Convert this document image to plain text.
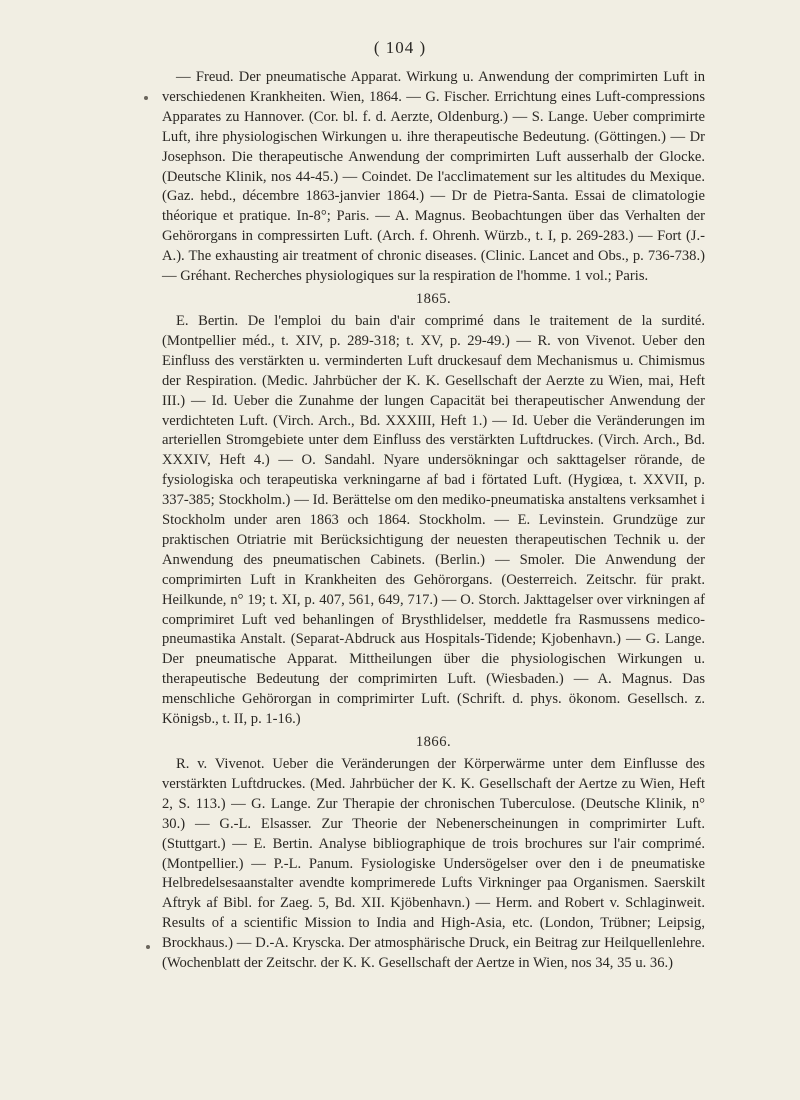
( 104 )

— Freud. Der pneumatische Apparat. Wirkung u. Anwendung der comprimirten Luft in verschiedenen Krankheiten. Wien, 1864. — G. Fischer. Errichtung eines Luft-compressions Apparates zu Hannover. (Cor. bl. f. d. Aerzte, Oldenburg.) — S. Lange. Ueber comprimirte Luft, ihre physiologischen Wirkungen u. ihre therapeutische Bedeutung. (Göttingen.) — Dr Josephson. Die therapeutische Anwendung der comprimirten Luft ausserhalb der Glocke. (Deutsche Klinik, nos 44-45.) — Coindet. De l'acclimatement sur les altitudes du Mexique. (Gaz. hebd., décembre 1863-janvier 1864.) — Dr de Pietra-Santa. Essai de climatologie théorique et pratique. In-8°; Paris. — A. Magnus. Beobachtungen über das Verhalten der Gehörorgans in compressirten Luft. (Arch. f. Ohrenh. Würzb., t. I, p. 269-283.) — Fort (J.-A.). The exhausting air treatment of chronic diseases. (Clinic. Lancet and Obs., p. 736-738.) — Gréhant. Recherches physiologiques sur la respiration de l'homme. 1 vol.; Paris.

1865.

E. Bertin. De l'emploi du bain d'air comprimé dans le traitement de la surdité. (Montpellier méd., t. XIV, p. 289-318; t. XV, p. 29-49.) — R. von Vivenot. Ueber den Einfluss des verstärkten u. verminderten Luft druckesauf dem Mechanismus u. Chimismus der Respiration. (Medic. Jahrbücher der K. K. Gesellschaft der Aerzte zu Wien, mai, Heft III.) — Id. Ueber die Zunahme der lungen Capacität bei therapeutischer Anwendung der verdichteten Luft. (Virch. Arch., Bd. XXXIII, Heft 1.) — Id. Ueber die Veränderungen im arteriellen Stromgebiete unter dem Einfluss des verstärkten Luftdruckes. (Virch. Arch., Bd. XXXIV, Heft 4.) — O. Sandahl. Nyare undersökningar och sakttagelser rörande, de fysiologiska och terapeutiska verkningarne af bad i förtated Luft. (Hygiœa, t. XXVII, p. 337-385; Stockholm.) — Id. Berättelse om den mediko-pneumatiska anstaltens verksamhet i Stockholm under aren 1863 och 1864. Stockholm. — E. Levinstein. Grundzüge zur praktischen Otriatrie mit Berücksichtigung der neuesten therapeutischen Technik u. der Anwendung des pneumatischen Cabinets. (Berlin.) — Smoler. Die Anwendung der comprimirten Luft in Krankheiten des Gehörorgans. (Oesterreich. Zeitschr. für prakt. Heilkunde, n° 19; t. XI, p. 407, 561, 649, 717.) — O. Storch. Jakttagelser over virkningen af comprimiret Luft ved behanlingen of Brysthlidelser, meddetle fra Rasmussens medico-pneumastika Anstalt. (Separat-Abdruck aus Hospitals-Tidende; Kjobenhavn.) — G. Lange. Der pneumatische Apparat. Mittheilungen über die physiologischen Wirkungen u. therapeutische Bedeutung der comprimirten Luft. (Wiesbaden.) — A. Magnus. Das menschliche Gehörorgan in comprimirter Luft. (Schrift. d. phys. ökonom. Gesellsch. z. Königsb., t. II, p. 1-16.)

1866.

R. v. Vivenot. Ueber die Veränderungen der Körperwärme unter dem Einflusse des verstärkten Luftdruckes. (Med. Jahrbücher der K. K. Gesellschaft der Aertze zu Wien, Heft 2, S. 113.) — G. Lange. Zur Therapie der chronischen Tuberculose. (Deutsche Klinik, n° 30.) — G.-L. Elsasser. Zur Theorie der Nebenerscheinungen in comprimirter Luft. (Stuttgart.) — E. Bertin. Analyse bibliographique de trois brochures sur l'air comprimé. (Montpellier.) — P.-L. Panum. Fysiologiske Undersögelser over den i de pneumatiske Helbredelsesaanstalter avendte komprimerede Lufts Virkninger paa Organismen. Saerskilt Aftryk af Bibl. for Zaeg. 5, Bd. XII. Kjöbenhavn.) — Herm. and Robert v. Schlaginweit. Results of a scientific Mission to India and High-Asia, etc. (London, Trübner; Leipsig, Brockhaus.) — D.-A. Kryscka. Der atmosphärische Druck, ein Beitrag zur Heilquellenlehre. (Wochenblatt der Zeitschr. der K. K. Gesellschaft der Aertze in Wien, nos 34, 35 u. 36.)
